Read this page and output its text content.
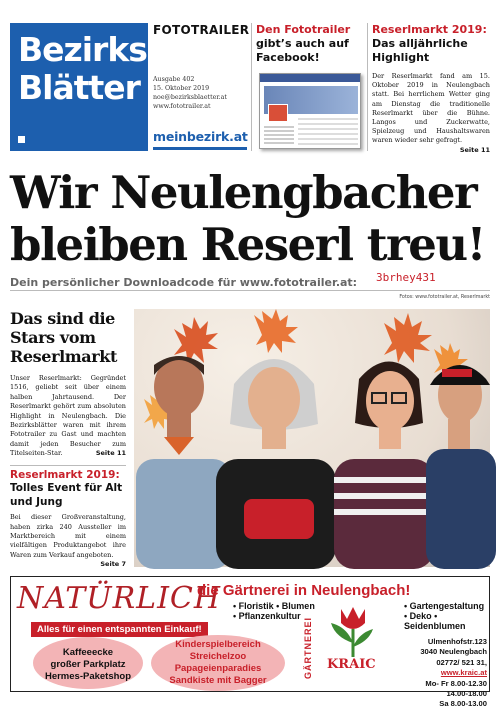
Bezirks
Blätter
FOTOTRAILER
Ausgabe 402
15. Oktober 2019
noe@bezirksblaetter.at
www.fototrailer.at
meinbezirk.at
Den Fototrailer
gibt’s auch auf
Facebook!
Reserlmarkt 2019:
Das alljährliche Highlight
Der Reserlmarkt fand am 15. Oktober 2019 in Neulengbach statt. Bei herrlichem Wetter ging am Dienstag die traditionelle Reserlmarkt über die Bühne. Langos und Zuckerwatte, Spielzeug und Haushaltswaren waren wieder sehr gefragt.
Seite 11
Wir Neulengbacher
bleiben Reserl treu!
Dein persönlicher Downloadcode für www.fototrailer.at: 3brhey431
Fotos: www.fototrailer.at, Reserlmarkt
Das sind die Stars vom Reserlmarkt

Unser Reserlmarkt: Gegründet 1516, geliebt seit über einem halben Jahrtausend. Der Reserlmarkt gehört zum absoluten Highlight in Neulengbach. Die Bezirksblätter waren mit ihrem Fototrailer zu Gast und machten damit jeden Besucher zum Titelseiten-Star.	Seite 11

Reserlmarkt 2019:
Tolles Event für Alt und Jung

Bei dieser Großveranstaltung, haben zirka 240 Aussteller im Marktbereich mit einem vielfältigen Produktangebot ihre Waren zum Verkauf angeboten.
Seite 7

NATÜRLICH
die Gärtnerei in Neulengbach!
• Floristik • Blumen
• Pflanzenkultur
• Gartengestaltung
• Deko • Seidenblumen
Alles für einen entspannten Einkauf!
Kaffeeecke
großer Parkplatz
Hermes-Paketshop
Kinderspielbereich
Streichelzoo
Papageienparadies
Sandkiste mit Bagger
GÄRTNEREI	KRAIC
Ulmenhofstr.123
3040 Neulengbach
02772/ 521 31, www.kraic.at
Mo- Fr 8.00-12.30 14.00-18.00
Sa 8.00-13.00
